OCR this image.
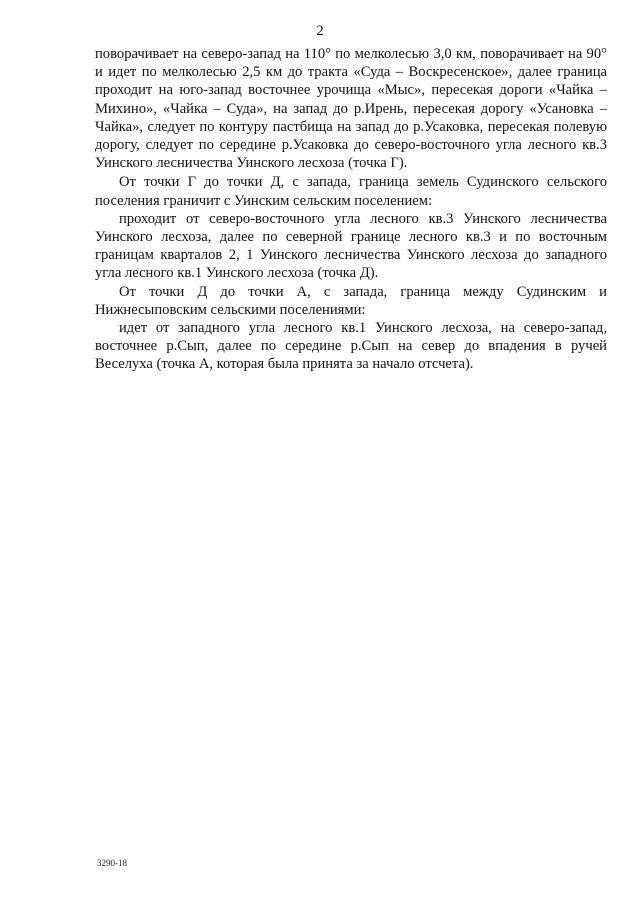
2

поворачивает на северо-запад на 110° по мелколесью 3,0 км, поворачивает на 90° и идет по мелколесью 2,5 км до тракта «Суда – Воскресенское», далее граница проходит на юго-запад восточнее урочища «Мыс», пересекая дороги «Чайка – Михино», «Чайка – Суда», на запад до р.Ирень, пересекая дорогу «Усановка – Чайка», следует по контуру пастбища на запад до р.Усаковка, пересекая полевую дорогу, следует по середине р.Усаковка до северо-восточного угла лесного кв.3 Уинского лесничества Уинского лесхоза (точка Г).

От точки Г до точки Д, с запада, граница земель Судинского сельского поселения граничит с Уинским сельским поселением:

проходит от северо-восточного угла лесного кв.3 Уинского лесничества Уинского лесхоза, далее по северной границе лесного кв.3 и по восточным границам кварталов 2, 1 Уинского лесничества Уинского лесхоза до западного угла лесного кв.1 Уинского лесхоза (точка Д).

От точки Д до точки А, с запада, граница между Судинским и Нижнесыповским сельскими поселениями:

идет от западного угла лесного кв.1 Уинского лесхоза, на северо-запад, восточнее р.Сып, далее по середине р.Сып на север до впадения в ручей Веселуха (точка А, которая была принята за начало отсчета).

3290-18
